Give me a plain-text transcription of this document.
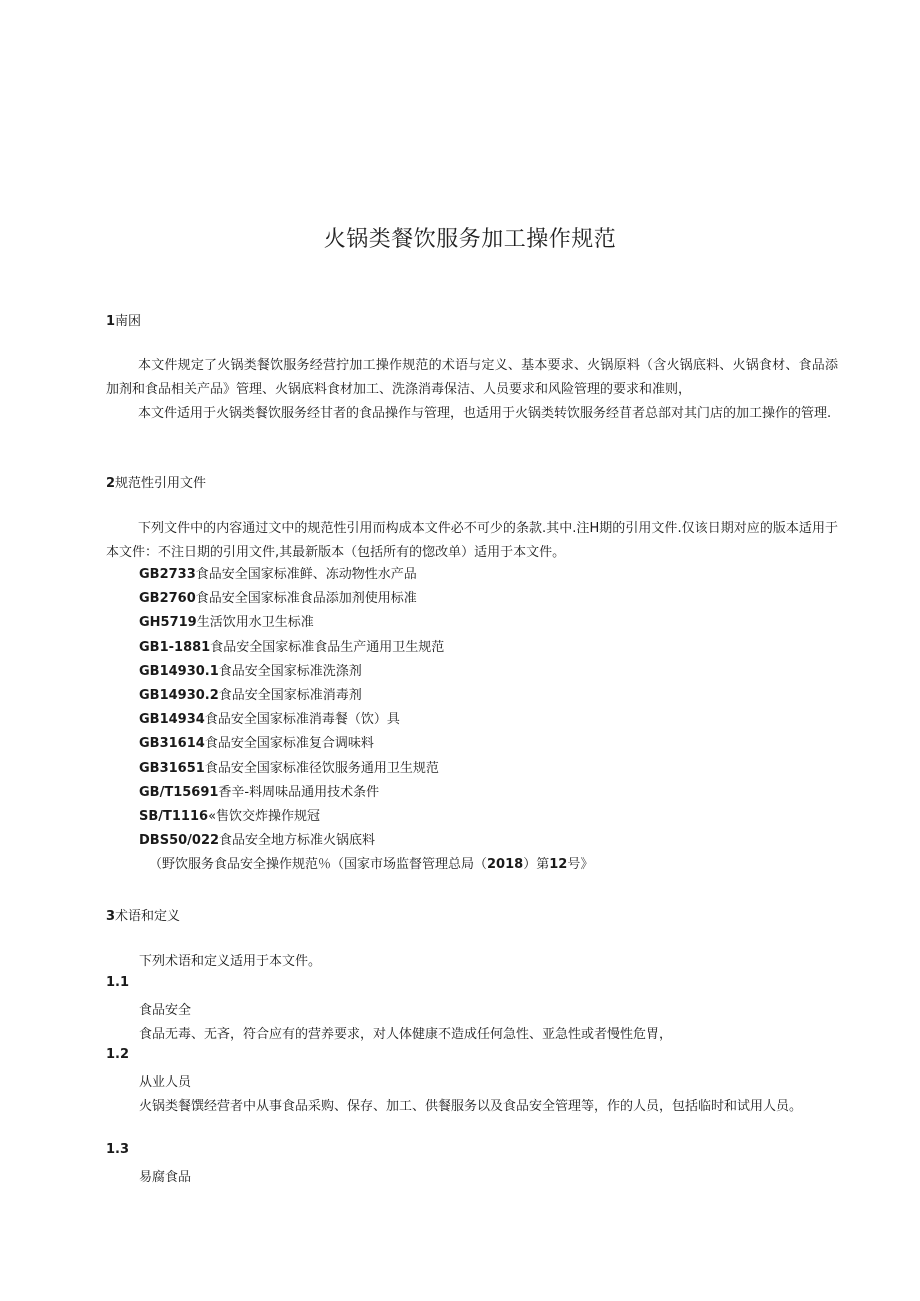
火锅类餐饮服务加工操作规范
1南困

本文件规定了火锅类餐饮服务经营拧加工操作规范的术语与定义、基本要求、火锅原料（含火锅底料、火锅食材、食品添加剂和食品相关产品》管理、火锅底料食材加工、洗涤消毒保洁、人员要求和风险管理的要求和准则，

本文件适用于火锅类餐饮服务经甘者的食品操作与管理，也适用于火锅类转饮服务经苜者总部对其门店的加工操作的管理.

2规范性引用文件

下列文件中的内容通过文中的规范性引用而构成本文件必不可少的条款.其中.注H期的引用文件.仅该日期对应的版本适用于本文件：不注日期的引用文件,其最新版本（包括所有的惚改单）适用于本文件。

GB2733食品安全国家标准鲜、冻动物性水产品
GB2760食品安全国家标准食品添加剂使用标准
GH5719生活饮用水卫生标准
GB1-1881食品安全国家标准食品生产通用卫生规范
GB14930.1食品安全国家标准洗涤剂
GB14930.2食品安全国家标准消毒剂
GB14934食品安全国家标准消毒餐（饮）具
GB31614食品安全国家标准复合调味料
GB31651食品安全国家标准径饮服务通用卫生规范
GB/T15691香辛-料周味品通用技术条件
SB/T1116«售饮交炸操作规冠
DBS50/022食品安全地方标准火锅底料
（野饮服务食品安全操作规范％（国家市场监督管理总局（2018）第12号》
3术语和定义

下列术语和定义适用于本文件。

1.1

食品安全

食品无毒、无吝，符合应有的营养要求，对人体健康不造成任何急性、亚急性或者慢性危胃，

1.2

从业人员

火锅类餐馔经营者中从事食品采购、保存、加工、供餐服务以及食品安全管理等，作的人员，包括临时和试用人员。

1.3

易腐食品
